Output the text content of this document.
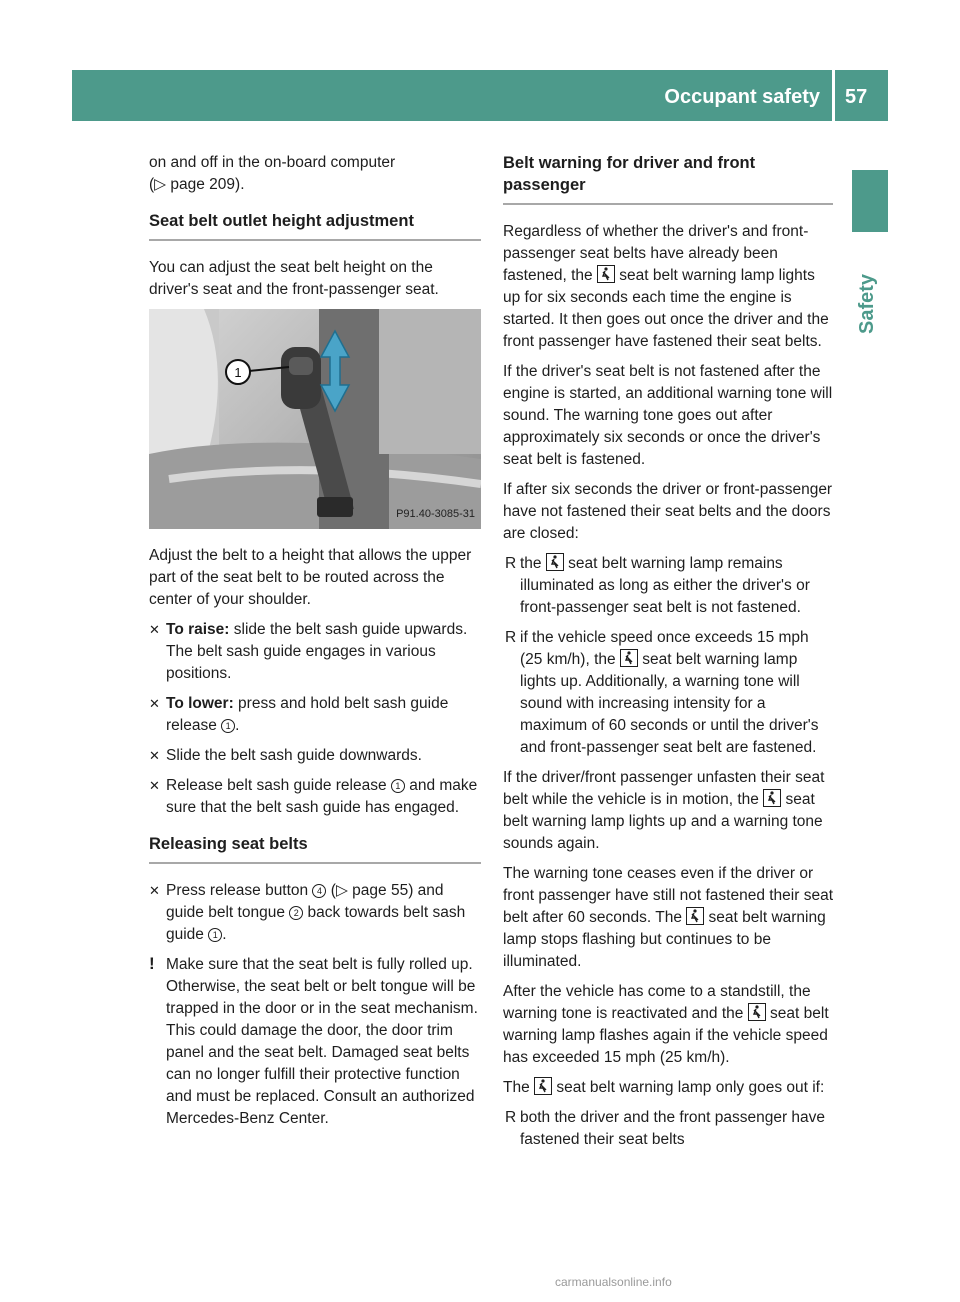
Occupant safety 57
Safety

on and off in the on-board computer
(▷ page 209).

Seat belt outlet height adjustment

You can adjust the seat belt height on the driver's seat and the front-passenger seat.

1
P91.40-3085-31

Adjust the belt to a height that allows the upper part of the seat belt to be routed across the center of your shoulder.

✕ To raise: slide the belt sash guide upwards. The belt sash guide engages in various positions.
✕ To lower: press and hold belt sash guide release 1 .
✕ Slide the belt sash guide downwards.
✕ Release belt sash guide release 1 and make sure that the belt sash guide has engaged.
Releasing seat belts
✕ Press release button 4 (▷ page 55) and guide belt tongue 2 back towards belt sash guide 1 .
! Make sure that the seat belt is fully rolled up. Otherwise, the seat belt or belt tongue will be trapped in the door or in the seat mechanism. This could damage the door, the door trim panel and the seat belt. Damaged seat belts can no longer fulfill their protective function and must be replaced. Consult an authorized Mercedes-Benz Center.
Belt warning for driver and front passenger

Regardless of whether the driver's and front-passenger seat belts have already been fastened, the
seat belt warning lamp lights up for six seconds each time the engine is started. It then goes out once the driver and the front passenger have fastened their seat belts.

If the driver's seat belt is not fastened after the engine is started, an additional warning tone will sound. The warning tone goes out after approximately six seconds or once the driver's seat belt is fastened.

If after six seconds the driver or front-passenger have not fastened their seat belts and the doors are closed:

R the
seat belt warning lamp remains illuminated as long as either the driver's or front-passenger seat belt is not fastened.
R if the vehicle speed once exceeds 15 mph (25 km/h), the
seat belt warning lamp lights up. Additionally, a warning tone will sound with increasing intensity for a maximum of 60 seconds or until the driver's and front-passenger seat belt are fastened.

If the driver/front passenger unfasten their seat belt while the vehicle is in motion, the
seat belt warning lamp lights up and a warning tone sounds again.

The warning tone ceases even if the driver or front passenger have still not fastened their seat belt after 60 seconds. The
seat belt warning lamp stops flashing but continues to be illuminated.

After the vehicle has come to a standstill, the warning tone is reactivated and the
seat belt warning lamp flashes again if the vehicle speed has exceeded 15 mph (25 km/h).

The
seat belt warning lamp only goes out if:

R both the driver and the front passenger have fastened their seat belts
carmanualsonline.info
